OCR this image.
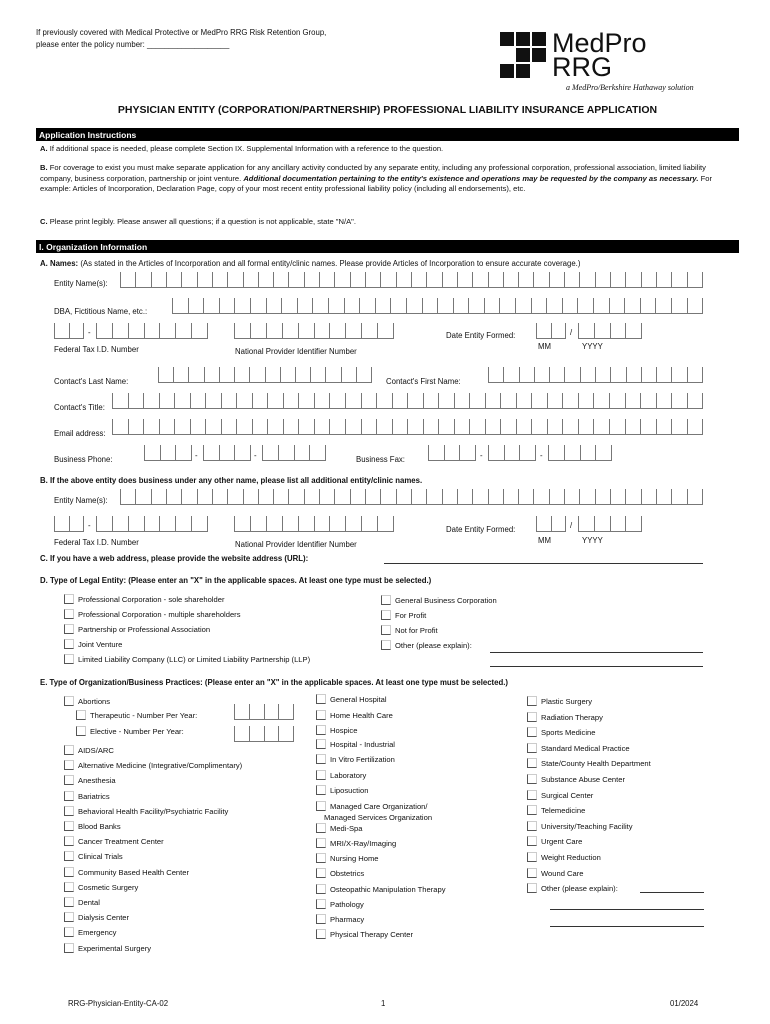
If previously covered with Medical Protective or MedPro RRG Risk Retention Group,
please enter the policy number: ___________________	MedPro
RRG
a MedPro/Berkshire Hathaway solution
PHYSICIAN ENTITY (CORPORATION/PARTNERSHIP) PROFESSIONAL LIABILITY INSURANCE APPLICATION
Application Instructions
A. If additional space is needed, please complete Section IX. Supplemental Information with a reference to the question.
B. For coverage to exist you must make separate application for any ancillary activity conducted by any separate entity, including any professional corporation, professional association, limited liability company, business corporation, partnership or joint venture. Additional documentation pertaining to the entity's existence and operations may be requested by the company as necessary. For example: Articles of Incorporation, Declaration Page, copy of your most recent entity professional liability policy (including all endorsements), etc.
C. Please print legibly. Please answer all questions; if a question is not applicable, state "N/A".
I. Organization Information
A. Names: (As stated in the Articles of Incorporation and all formal entity/clinic names. Please provide Articles of Incorporation to ensure accurate coverage.)
Entity Name(s):
DBA, Fictitious Name, etc.:
-
Federal Tax I.D. Number	National Provider Identifier Number
Date Entity Formed:	/
MM	YYYY
Contact's Last Name:	Contact's First Name:
Contact's Title:
Email address:
Business Phone:	-	-	Business Fax:	-	-
B. If the above entity does business under any other name, please list all additional entity/clinic names.
Entity Name(s):
-
Federal Tax I.D. Number	National Provider Identifier Number
Date Entity Formed:	/
MM	YYYY
C. If you have a web address, please provide the website address (URL):
D. Type of Legal Entity: (Please enter an "X" in the applicable spaces. At least one type must be selected.)
Professional Corporation - sole shareholder
Professional Corporation - multiple shareholders
Partnership or Professional Association
Joint Venture
Limited Liability Company (LLC) or Limited Liability Partnership (LLP)
General Business Corporation
For Profit
Not for Profit
Other (please explain):
E. Type of Organization/Business Practices: (Please enter an "X" in the applicable spaces. At least one type must be selected.)
Abortions
Therapeutic - Number Per Year:
Elective - Number Per Year:
AIDS/ARC
Alternative Medicine (Integrative/Complimentary)
Anesthesia
Bariatrics
Behavioral Health Facility/Psychiatric Facility
Blood Banks
Cancer Treatment Center
Clinical Trials
Community Based Health Center
Cosmetic Surgery
Dental
Dialysis Center
Emergency
Experimental Surgery
General Hospital
Home Health Care
Hospice
Hospital - Industrial
In Vitro Fertilization
Laboratory
Liposuction
Managed Care Organization/
Managed Services Organization
Medi-Spa
MRI/X-Ray/Imaging
Nursing Home
Obstetrics
Osteopathic Manipulation Therapy
Pathology
Pharmacy
Physical Therapy Center
Plastic Surgery
Radiation Therapy
Sports Medicine
Standard Medical Practice
State/County Health Department
Substance Abuse Center
Surgical Center
Telemedicine
University/Teaching Facility
Urgent Care
Weight Reduction
Wound Care
Other (please explain):
RRG-Physician-Entity-CA-02	1	01/2024
